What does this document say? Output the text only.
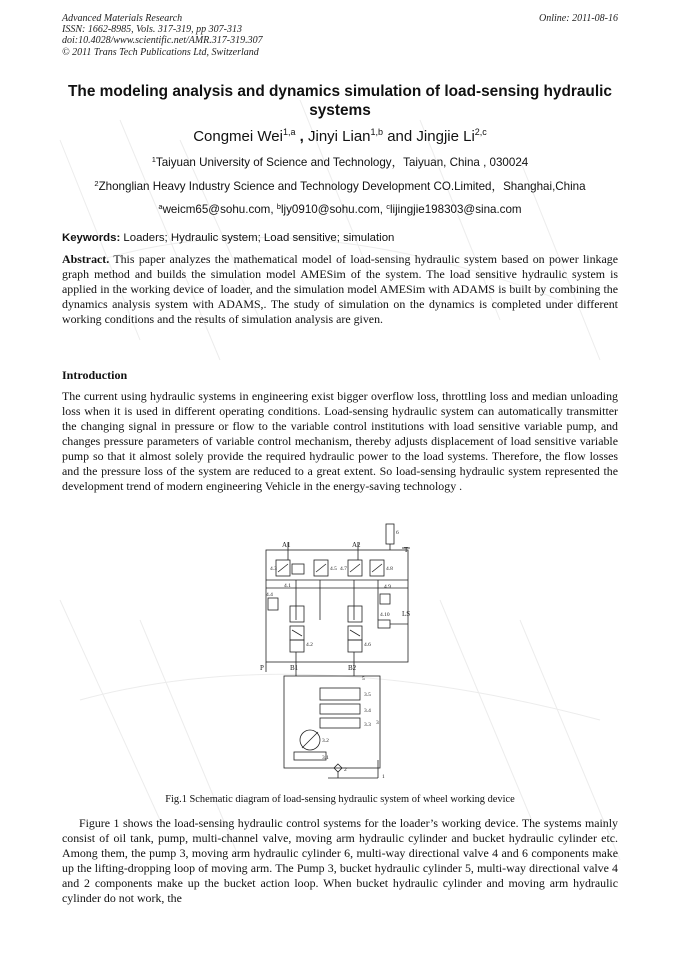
Advanced Materials Research
ISSN: 1662-8985, Vols. 317-319, pp 307-313
doi:10.4028/www.scientific.net/AMR.317-319.307
© 2011 Trans Tech Publications Ltd, Switzerland
Online: 2011-08-16
The modeling analysis and dynamics simulation of load-sensing hydraulic systems
Congmei Wei$^{1,a}$ , Jinyi Lian$^{1,b}$ and Jingjie Li$^{2,c}$
$^1$Taiyuan University of Science and Technology，Taiyuan, China , 030024
$^2$Zhonglian Heavy Industry Science and Technology Development CO.Limited，Shanghai,China
$^a$weicm65@sohu.com, $^b$ljy0910@sohu.com, $^c$lijingjie198303@sina.com
Keywords: Loaders; Hydraulic system; Load sensitive; simulation
Abstract. This paper analyzes the mathematical model of load-sensing hydraulic system based on power linkage graph method and builds the simulation model AMESim of the system. The load sensitive hydraulic system is applied in the working device of loader, and the simulation model AMESim with ADAMS is built by combining the dynamics analysis system with ADAMS,. The study of simulation on the dynamics is completed under different working conditions and the results of simulation analysis are given.
Introduction
The current using hydraulic systems in engineering exist bigger overflow loss, throttling loss and median unloading loss when it is used in different operating conditions. Load-sensing hydraulic system can automatically transmitter the changing signal in pressure or flow to the variable control institutions with load sensitive variable pump, and changes pressure parameters of variable control mechanism, thereby adjusts displacement of load sensitive variable pump so that it almost solely provide the required hydraulic power to the load systems. Therefore, the flow losses and the pressure loss of the system are reduced to a great extent. So load-sensing hydraulic system represented the development trend of modern engineering Vehicle in the energy-saving technology .
A1	A2
T
6
4.3	4.5 4.7	4.8
4.1
4.4
4.9
4.10 LS
4.2	4.6
P	B1	B2
5
3.5
3.4
3
3.3
3.2
3.1
2
1
Fig.1 Schematic diagram of load-sensing hydraulic system of wheel working device
Figure 1 shows the load-sensing hydraulic control systems for the loader’s working device. The systems mainly consist of oil tank, pump, multi-channel valve, moving arm hydraulic cylinder and bucket hydraulic cylinder etc. Among them, the pump 3, moving arm hydraulic cylinder 6, multi-way directional valve 4 and 6 components make up the lifting-dropping loop of moving arm. The Pump 3, bucket hydraulic cylinder 5, multi-way directional valve 4 and 2 components make up the bucket action loop. When bucket hydraulic cylinder and moving arm hydraulic cylinder do not work, the
